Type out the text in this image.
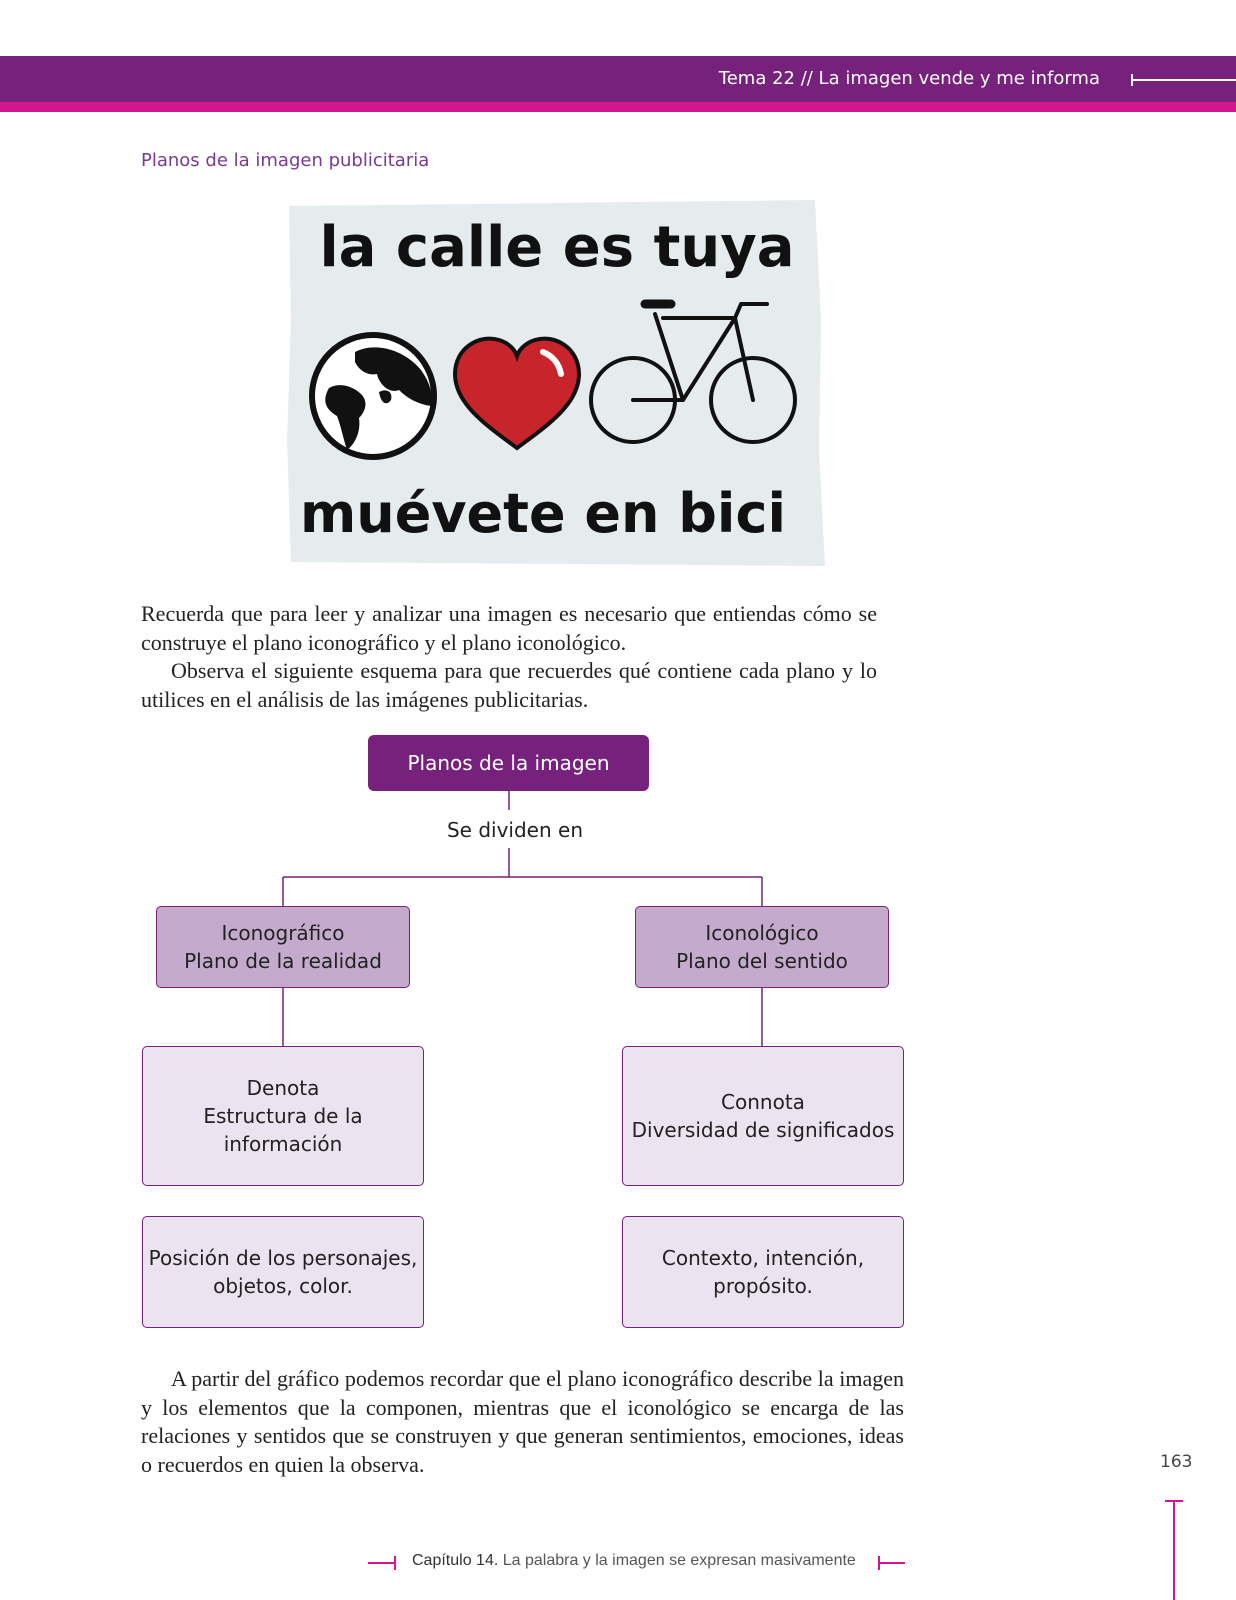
Tema 22 // La imagen vende y me informa
Planos de la imagen publicitaria
la calle es tuya
muévete en bici

Recuerda que para leer y analizar una imagen es necesario que entiendas cómo se construye el plano iconográfico y el plano iconológico.

Observa el siguiente esquema para que recuerdes qué contiene cada plano y lo utilices en el análisis de las imágenes publicitarias.

Planos de la imagen
Se dividen en
Iconográfico
Plano de la realidad
Iconológico
Plano del sentido
Denota
Estructura de la información
Connota
Diversidad de significados
Posición de los personajes,
objetos, color.
Contexto, intención,
propósito.

A partir del gráfico podemos recordar que el plano iconográfico describe la imagen y los elementos que la componen, mientras que el iconológico se encarga de las relaciones y sentidos que se construyen y que generan sentimientos, emociones, ideas o recuerdos en quien la observa.	163
Capítulo 14. La palabra y la imagen se expresan masivamente
